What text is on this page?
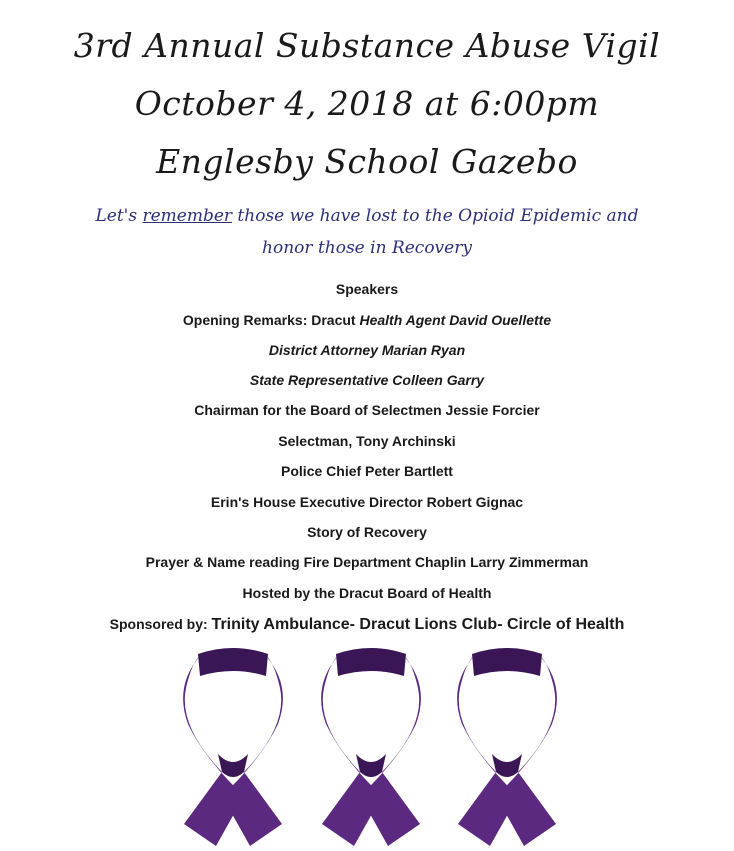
3rd Annual Substance Abuse Vigil
October 4, 2018 at 6:00pm
Englesby School Gazebo
Let's remember those we have lost to the Opioid Epidemic and
honor those in Recovery
Speakers
Opening Remarks: Dracut Health Agent David Ouellette
District Attorney Marian Ryan
State Representative Colleen Garry
Chairman for the Board of Selectmen Jessie Forcier
Selectman, Tony Archinski
Police Chief Peter Bartlett
Erin's House Executive Director Robert Gignac
Story of Recovery
Prayer & Name reading Fire Department Chaplin Larry Zimmerman
Hosted by the Dracut Board of Health
Sponsored by: Trinity Ambulance- Dracut Lions Club- Circle of Health
